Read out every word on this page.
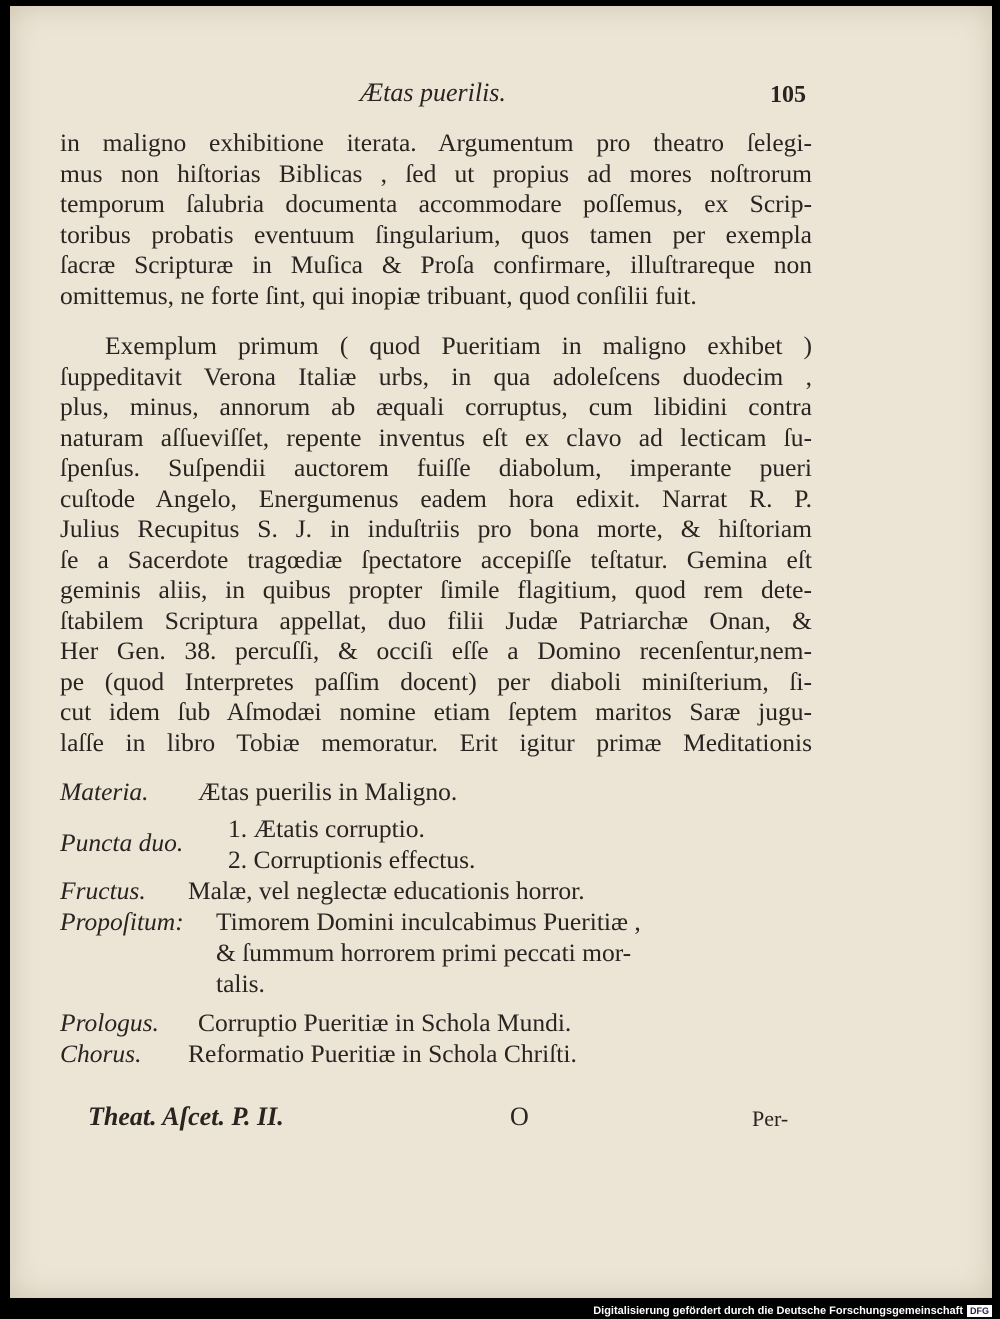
Ætas puerilis.	105
in maligno exhibitione iterata. Argumentum pro theatro ſelegi-
mus non hiſtorias Biblicas , ſed ut propius ad mores noſtrorum
temporum ſalubria documenta accommodare poſſemus, ex Scrip-
toribus probatis eventuum ſingularium, quos tamen per exempla
ſacræ Scripturæ in Muſica & Proſa confirmare, illuſtrareque non
omittemus, ne forte ſint, qui inopiæ tribuant, quod conſilii fuit.
Exemplum primum ( quod Pueritiam in maligno exhibet )
ſuppeditavit Verona Italiæ urbs, in qua adoleſcens duodecim ,
plus, minus, annorum ab æquali corruptus, cum libidini contra
naturam aſſueviſſet, repente inventus eſt ex clavo ad lecticam ſu-
ſpenſus. Suſpendii auctorem fuiſſe diabolum, imperante pueri
cuſtode Angelo, Energumenus eadem hora edixit. Narrat R. P.
Julius Recupitus S. J. in induſtriis pro bona morte, & hiſtoriam
ſe a Sacerdote tragœdiæ ſpectatore accepiſſe teſtatur. Gemina eſt
geminis aliis, in quibus propter ſimile flagitium, quod rem dete-
ſtabilem Scriptura appellat, duo filii Judæ Patriarchæ Onan, &
Her Gen. 38. percuſſi, & occiſi eſſe a Domino recenſentur,nem-
pe (quod Interpretes paſſim docent) per diaboli miniſterium, ſi-
cut idem ſub Aſmodæi nomine etiam ſeptem maritos Saræ jugu-
laſſe in libro Tobiæ memoratur. Erit igitur primæ Meditationis
Materia. Ætas puerilis in Maligno.
Puncta duo. 1. Ætatis corruptio.
2. Corruptionis effectus.
Fructus. Malæ, vel neglectæ educationis horror.
Propoſitum: Timorem Domini inculcabimus Pueritiæ ,
& ſummum horrorem primi peccati mor-
talis.
Prologus. Corruptio Pueritiæ in Schola Mundi.
Chorus. Reformatio Pueritiæ in Schola Chriſti.
Theat. Aſcet. P. II.	O	Per-
Digitalisierung gefördert durch die Deutsche Forschungsgemeinschaft DFG
